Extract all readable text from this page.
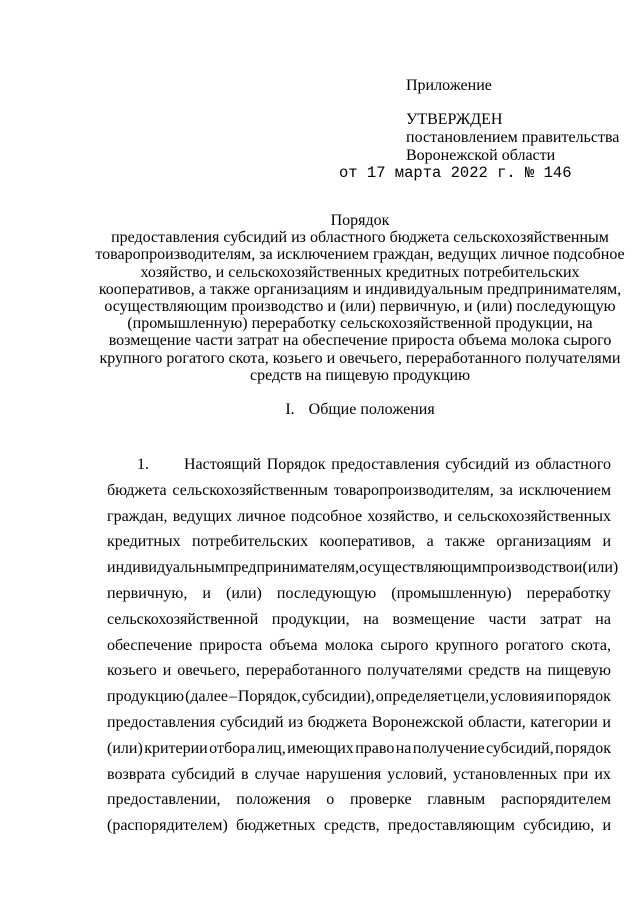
Приложение
УТВЕРЖДЕН
постановлением правительства
Воронежской области
от 17 марта 2022 г. № 146
Порядок
предоставления субсидий из областного бюджета сельскохозяйственным
товаропроизводителям, за исключением граждан, ведущих личное подсобное
хозяйство, и сельскохозяйственных кредитных потребительских
кооперативов, а также организациям и индивидуальным предпринимателям,
осуществляющим производство и (или) первичную, и (или) последующую
(промышленную) переработку сельскохозяйственной продукции, на
возмещение части затрат на обеспечение прироста объема молока сырого
крупного рогатого скота, козьего и овечьего, переработанного получателями
средств на пищевую продукцию
I. Общие положения
1.	Настоящий Порядок предоставления субсидий из областного
бюджета сельскохозяйственным товаропроизводителям, за исключением
граждан, ведущих личное подсобное хозяйство, и сельскохозяйственных
кредитных потребительских кооперативов, а также организациям и
индивидуальным предпринимателям, осуществляющим производство и (или)
первичную, и (или) последующую (промышленную) переработку
сельскохозяйственной продукции, на возмещение части затрат на
обеспечение прироста объема молока сырого крупного рогатого скота,
козьего и овечьего, переработанного получателями средств на пищевую
продукцию (далее – Порядок, субсидии), определяет цели, условия и порядок
предоставления субсидий из бюджета Воронежской области, категории и
(или) критерии отбора лиц, имеющих право на получение субсидий, порядок
возврата субсидий в случае нарушения условий, установленных при их
предоставлении, положения о проверке главным распорядителем
(распорядителем) бюджетных средств, предоставляющим субсидию, и
